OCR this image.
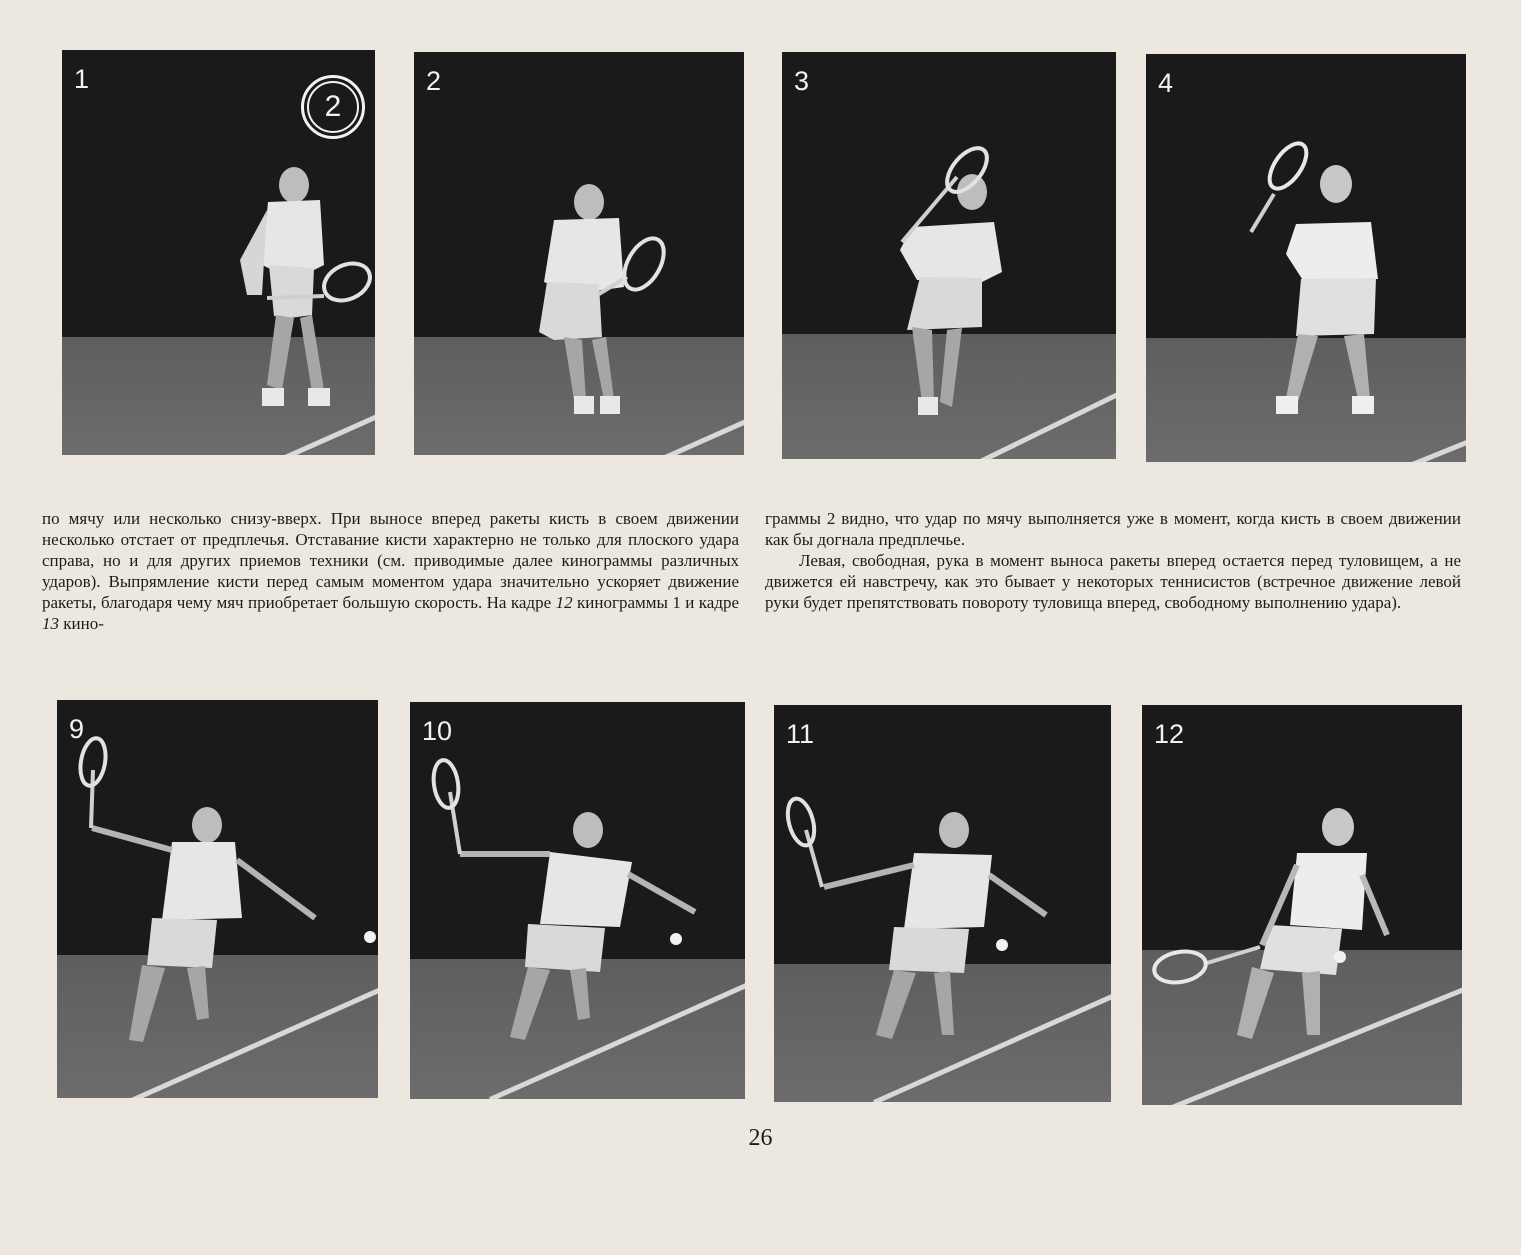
1
2
2	3	4

по мячу или несколько снизу-вверх. При выносе вперед ракеты кисть в своем движении несколько отстает от предплечья. Отставание кисти характерно не только для плоского удара справа, но и для других приемов техники (см. приводимые далее кинограммы различных ударов). Выпрямление кисти перед самым моментом удара значительно ускоряет движение ракеты, благодаря чему мяч приобретает большую скорость. На кадре 12 кинограммы 1 и кадре 13 кино-

граммы 2 видно, что удар по мячу выполняется уже в момент, когда кисть в своем движении как бы догнала предплечье.

Левая, свободная, рука в момент выноса ракеты вперед остается перед туловищем, а не движется ей навстречу, как это бывает у некоторых теннисистов (встречное движение левой руки будет препятствовать повороту туловища вперед, свободному выполнению удара).

9	10	11	12
26
